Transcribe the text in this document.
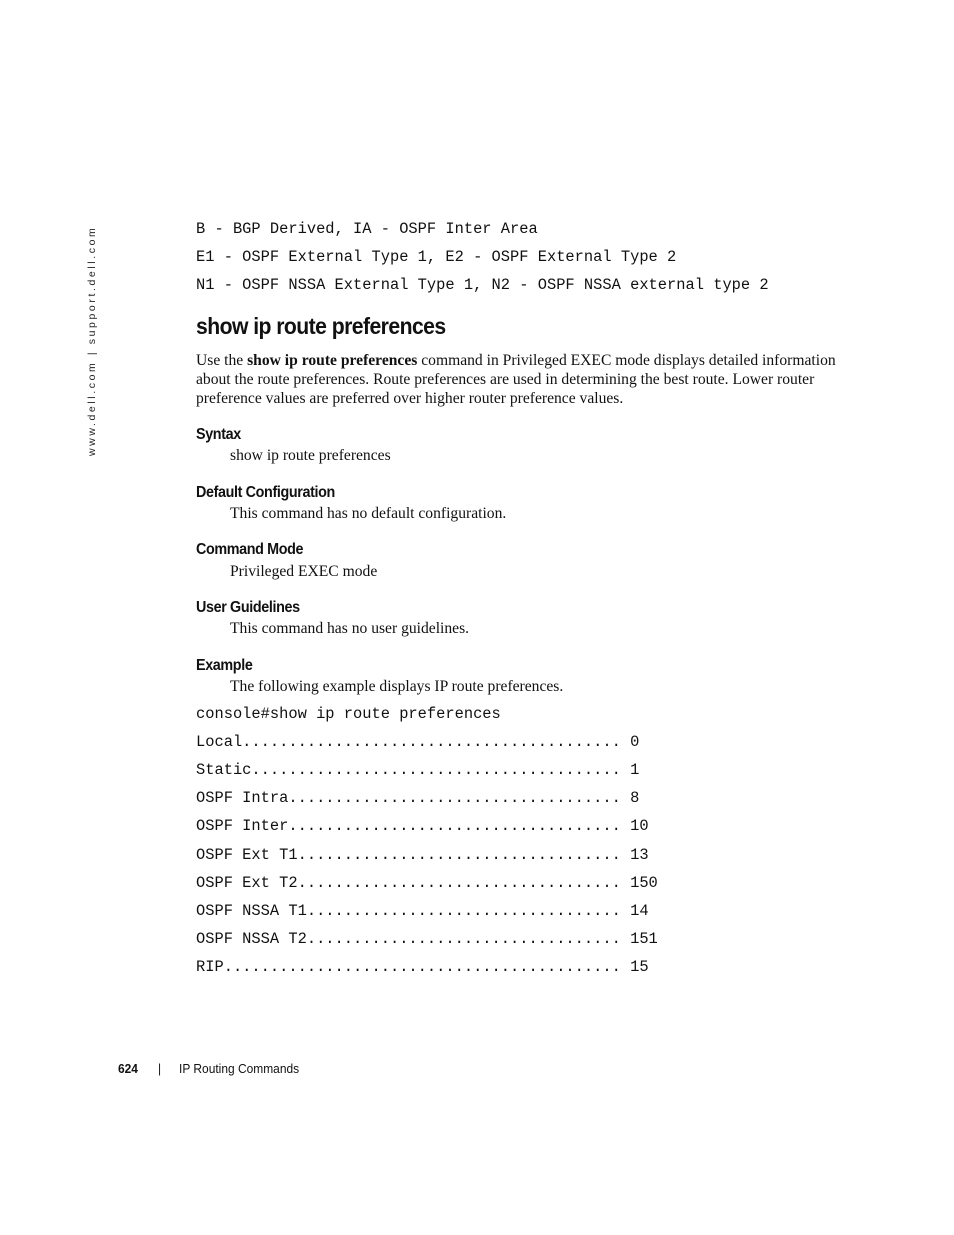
www.dell.com | support.dell.com	B - BGP Derived, IA - OSPF Inter Area
E1 - OSPF External Type 1, E2 - OSPF External Type 2
N1 - OSPF NSSA External Type 1, N2 - OSPF NSSA external type 2
show ip route preferences

Use the show ip route preferences command in Privileged EXEC mode displays detailed information about the route preferences. Route preferences are used in determining the best route. Lower router preference values are preferred over higher router preference values.

Syntax

show ip route preferences

Default Configuration

This command has no default configuration.

Command Mode

Privileged EXEC mode

User Guidelines

This command has no user guidelines.

Example

The following example displays IP route preferences.

console#show ip route preferences
Local......................................... 0
Static........................................ 1
OSPF Intra.................................... 8
OSPF Inter.................................... 10
OSPF Ext T1................................... 13
OSPF Ext T2................................... 150
OSPF NSSA T1.................................. 14
OSPF NSSA T2.................................. 151
RIP........................................... 15
624 | IP Routing Commands
